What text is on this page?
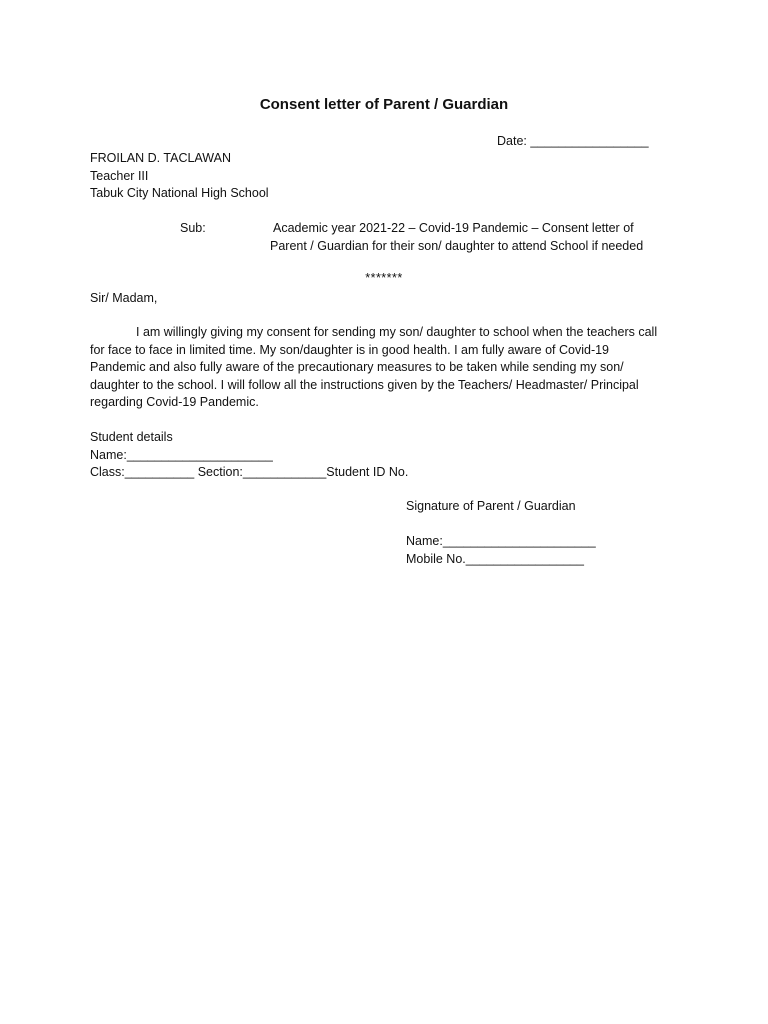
Consent letter of Parent / Guardian
Date: _________________
FROILAN D. TACLAWAN
Teacher III
Tabuk City National High School
Sub:	Academic year 2021-22 – Covid-19 Pandemic – Consent letter of
Parent / Guardian for their son/ daughter to attend School if needed
*******
Sir/ Madam,
I am willingly giving my consent for sending my son/ daughter to school when the teachers call
for face to face in limited time. My son/daughter is in good health. I am fully aware of Covid-19
Pandemic and also fully aware of the precautionary measures to be taken while sending my son/
daughter to the school. I will follow all the instructions given by the Teachers/ Headmaster/ Principal
regarding Covid-19 Pandemic.
Student details
Name:_____________________
Class:__________ Section:____________Student ID No.
Signature of Parent / Guardian
Name:______________________
Mobile No._________________
